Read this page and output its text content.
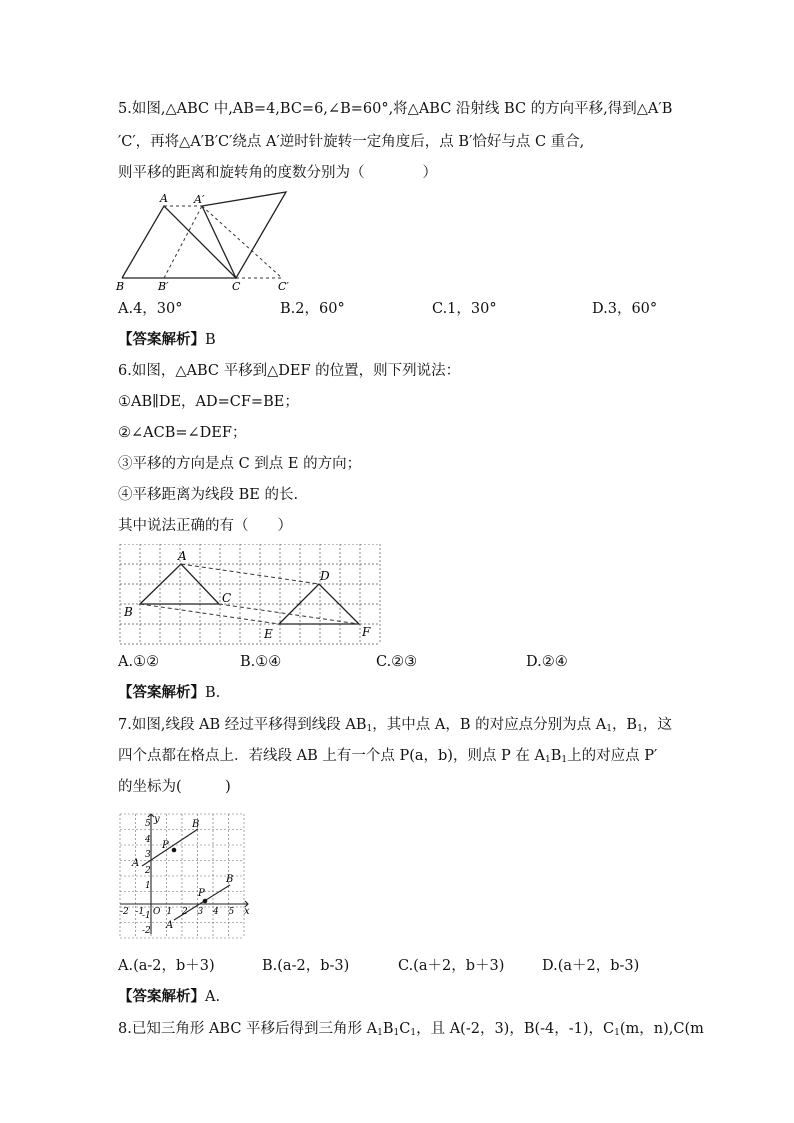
5.如图,△ABC 中,AB=4,BC=6,∠B=60°,将△ABC 沿射线 BC 的方向平移,得到△A′B
′C′，再将△A′B′C′绕点 A′逆时针旋转一定角度后，点 B′恰好与点 C 重合,
则平移的距离和旋转角的度数分别为（　　　　）
A A′
B	B′	C	C′
A.4，30°	B.2，60°	C.1，30°	D.3，60°
【答案解析】B
6.如图，△ABC 平移到△DEF 的位置，则下列说法：
①AB∥DE，AD=CF=BE；
②∠ACB=∠DEF；
③平移的方向是点 C 到点 E 的方向；
④平移距离为线段 BE 的长.
其中说法正确的有（　　）
A
B
C
D
E	F
A.①②	B.①④	C.②③	D.②④
【答案解析】B.
7.如图,线段 AB 经过平移得到线段 $AB_1$，其中点 A，B 的对应点分别为点 $A_1$，$B_1$，这
四个点都在格点上．若线段 AB 上有一个点 P(a，b)，则点 P 在 $A_1B_1$上的对应点 P′
的坐标为(　　　)
y
x
O
A
B
P
P
B
A
-2 -1 1 2 3 4 5
5
4
3
2
1
-1
-2
A.(a-2，b＋3)	B.(a-2，b-3)	C.(a＋2，b＋3)	D.(a＋2，b-3)
【答案解析】A.
8.已知三角形 ABC 平移后得到三角形 $A_1B_1C_1$，且 A(-2，3)，B(-4，-1)，$C_1(m$，n),C(m
